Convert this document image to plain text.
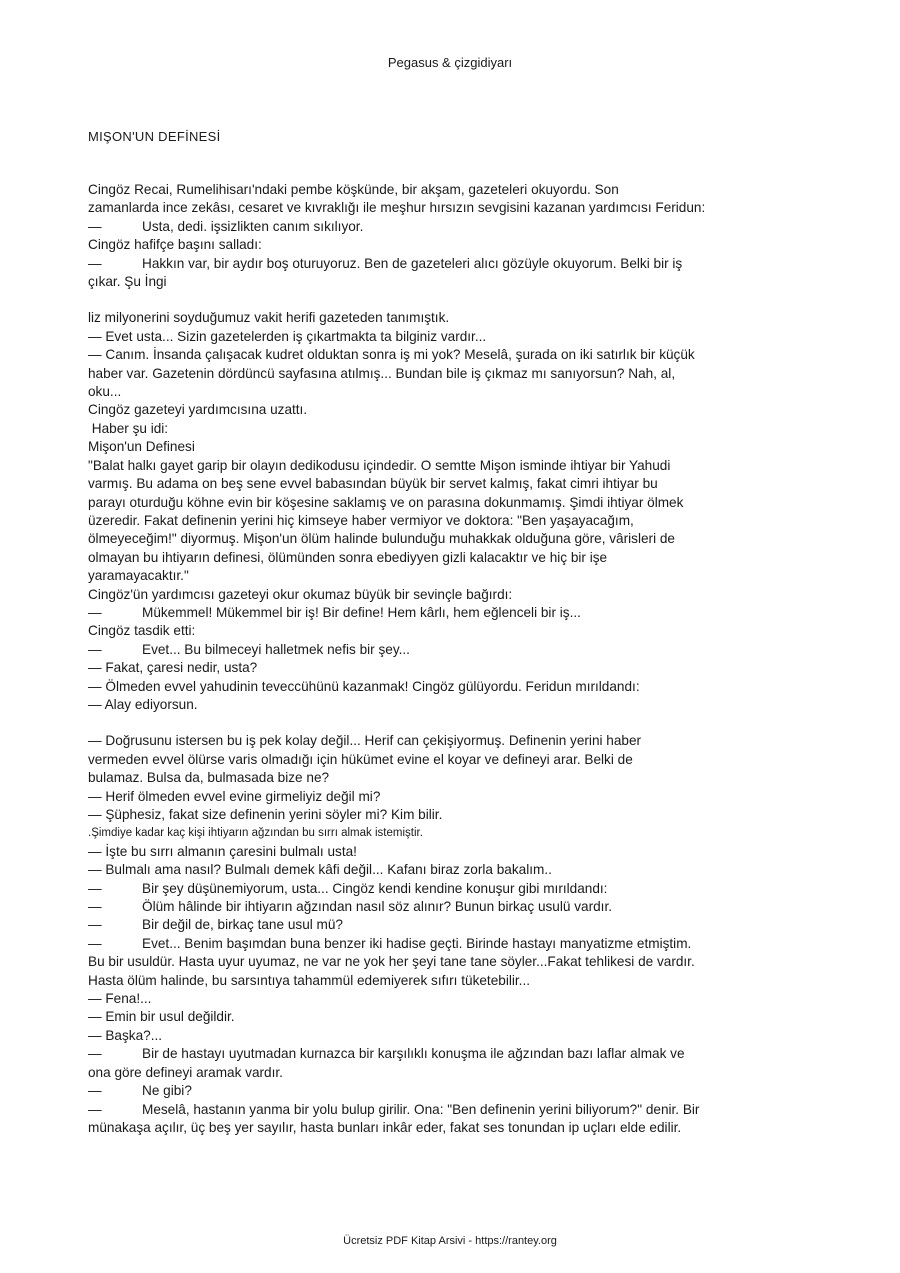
Pegasus & çizgidiyarı
MIŞON'UN DEFİNESİ

Cingöz Recai, Rumelihisarı'ndaki pembe köşkünde, bir akşam, gazeteleri okuyordu. Son

zamanlarda ince zekâsı, cesaret ve kıvraklığı ile meşhur hırsızın sevgisini kazanan yardımcısı Feridun:

—	Usta, dedi. işsizlikten canım sıkılıyor.

Cingöz hafifçe başını salladı:

—	Hakkın var, bir aydır boş oturuyoruz. Ben de gazeteleri alıcı gözüyle okuyorum. Belki bir iş

çıkar. Şu İngi

liz milyonerini soyduğumuz vakit herifi gazeteden tanımıştık.

— Evet usta... Sizin gazetelerden iş çıkartmakta ta bilginiz vardır...

— Canım. İnsanda çalışacak kudret olduktan sonra iş mi yok? Meselâ, şurada on iki satırlık bir küçük

haber var. Gazetenin dördüncü sayfasına atılmış... Bundan bile iş çıkmaz mı sanıyorsun? Nah, al,

oku...

Cingöz gazeteyi yardımcısına uzattı.

Haber şu idi:

Mişon'un Definesi

"Balat halkı gayet garip bir olayın dedikodusu içindedir. O semtte Mişon isminde ihtiyar bir Yahudi

varmış. Bu adama on beş sene evvel babasından büyük bir servet kalmış, fakat cimri ihtiyar bu

parayı oturduğu köhne evin bir köşesine saklamış ve on parasına dokunmamış. Şimdi ihtiyar ölmek

üzeredir. Fakat definenin yerini hiç kimseye haber vermiyor ve doktora: "Ben yaşayacağım,

ölmeyeceğim!" diyormuş. Mişon'un ölüm halinde bulunduğu muhakkak olduğuna göre, vârisleri de

olmayan bu ihtiyarın definesi, ölümünden sonra ebediyyen gizli kalacaktır ve hiç bir işe

yaramayacaktır."

Cingöz'ün yardımcısı gazeteyi okur okumaz büyük bir sevinçle bağırdı:

—	Mükemmel! Mükemmel bir iş! Bir define! Hem kârlı, hem eğlenceli bir iş...

Cingöz tasdik etti:

—	Evet... Bu bilmeceyi halletmek nefis bir şey...

— Fakat, çaresi nedir, usta?

— Ölmeden evvel yahudinin teveccühünü kazanmak! Cingöz gülüyordu. Feridun mırıldandı:

— Alay ediyorsun.

— Doğrusunu istersen bu iş pek kolay değil... Herif can çekişiyormuş. Definenin yerini haber

vermeden evvel ölürse varis olmadığı için hükümet evine el koyar ve defineyi arar. Belki de

bulamaz. Bulsa da, bulmasada bize ne?

— Herif ölmeden evvel evine girmeliyiz değil mi?

— Şüphesiz, fakat size definenin yerini söyler mi? Kim bilir.

.Şimdiye kadar kaç kişi ihtiyarın ağzından bu sırrı almak istemiştir.

— İşte bu sırrı almanın çaresini bulmalı usta!

— Bulmalı ama nasıl? Bulmalı demek kâfi değil... Kafanı biraz zorla bakalım..

—	Bir şey düşünemiyorum, usta... Cingöz kendi kendine konuşur gibi mırıldandı:

—	Ölüm hâlinde bir ihtiyarın ağzından nasıl söz alınır? Bunun birkaç usulü vardır.

—	Bir değil de, birkaç tane usul mü?

—	Evet... Benim başımdan buna benzer iki hadise geçti. Birinde hastayı manyatizme etmiştim.

Bu bir usuldür. Hasta uyur uyumaz, ne var ne yok her şeyi tane tane söyler...Fakat tehlikesi de vardır.

Hasta ölüm halinde, bu sarsıntıya tahammül edemiyerek sıfırı tüketebilir...

— Fena!...

— Emin bir usul değildir.

— Başka?...

—	Bir de hastayı uyutmadan kurnazca bir karşılıklı konuşma ile ağzından bazı laflar almak ve

ona göre defineyi aramak vardır.

—	Ne gibi?

—	Meselâ, hastanın yanma bir yolu bulup girilir. Ona: "Ben definenin yerini biliyorum?" denir. Bir

münakaşa açılır, üç beş yer sayılır, hasta bunları inkâr eder, fakat ses tonundan ip uçları elde edilir.

Ücretsiz PDF Kitap Arsivi - https://rantey.org
